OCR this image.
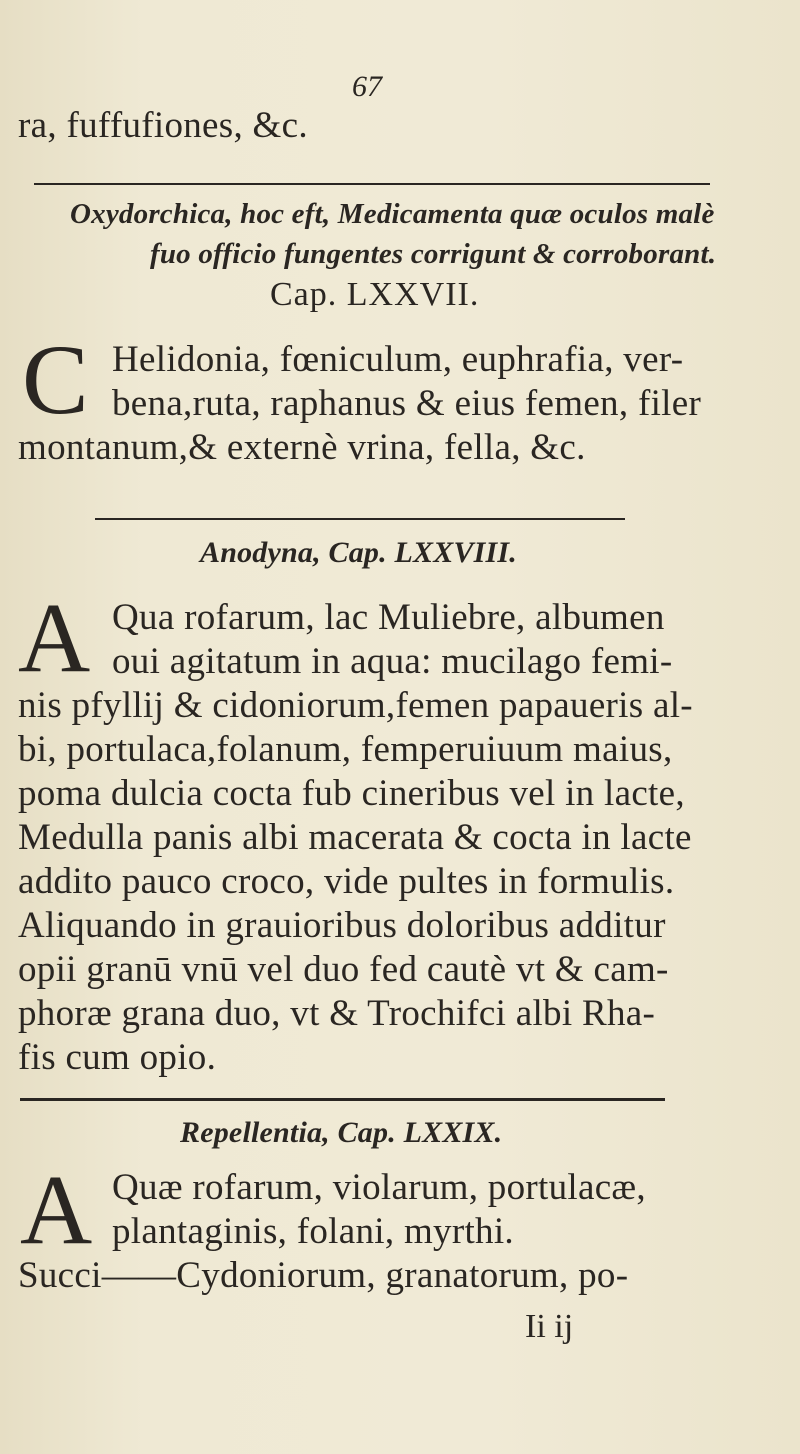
67
ra, fuffufiones, &c.
Oxydorchica, hoc eft, Medicamenta quæ oculos malè
fuo officio fungentes corrigunt & corroborant.
Cap. LXXVII.
C Helidonia, fœniculum, euphrafia, ver-
bena,ruta, raphanus & eius femen, filer
montanum,& externè vrina, fella, &c.
Anodyna, Cap. LXXVIII.
A Qua rofarum, lac Muliebre, albumen
oui agitatum in aqua: mucilago femi-
nis pfyllij & cidoniorum,femen papaueris al-
bi, portulaca,folanum, femperuiuum maius,
poma dulcia cocta fub cineribus vel in lacte,
Medulla panis albi macerata & cocta in lacte
addito pauco croco, vide pultes in formulis.
Aliquando in grauioribus doloribus additur
opii granū vnū vel duo fed cautè vt & cam-
phoræ grana duo, vt & Trochifci albi Rha-
fis cum opio.
Repellentia, Cap. LXXIX.
A Quæ rofarum, violarum, portulacæ,
plantaginis, folani, myrthi.
Succi——Cydoniorum, granatorum, po-
Ii ij
